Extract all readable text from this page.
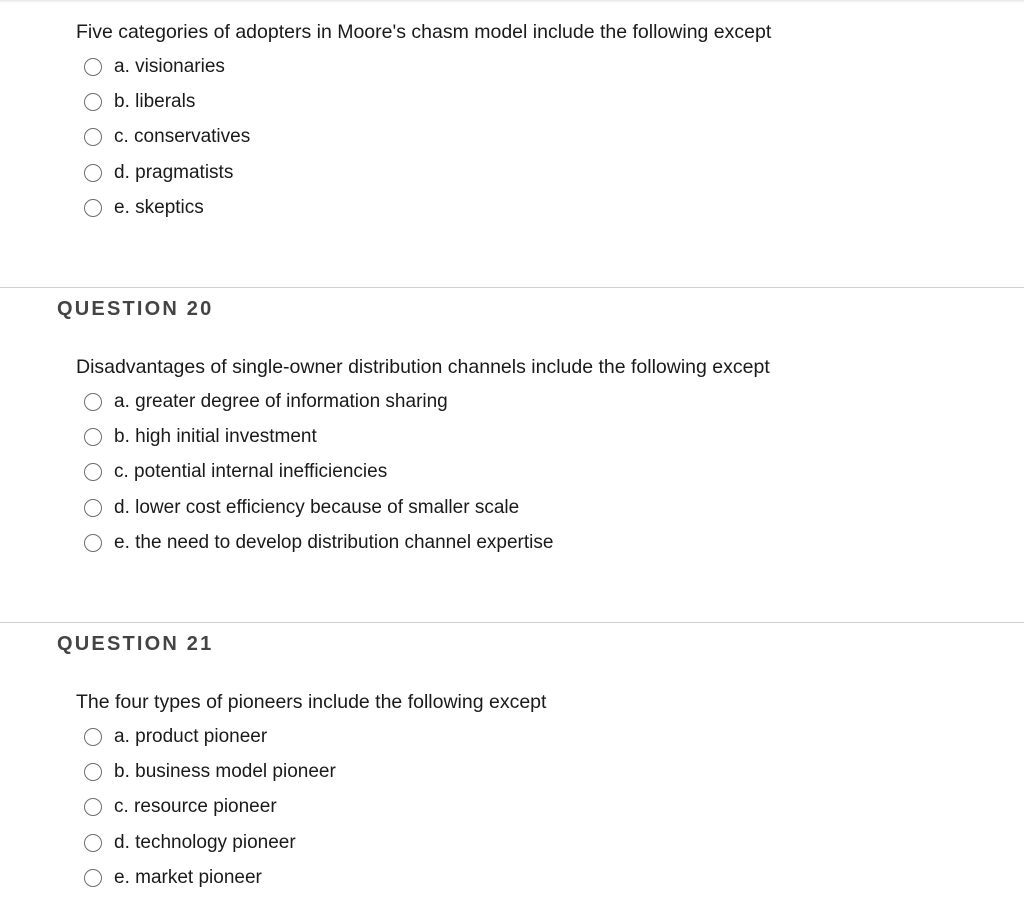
Five categories of adopters in Moore's chasm model include the following except
a. visionaries
b. liberals
c. conservatives
d. pragmatists
e. skeptics
QUESTION 20
Disadvantages of single-owner distribution channels include the following except
a. greater degree of information sharing
b. high initial investment
c. potential internal inefficiencies
d. lower cost efficiency because of smaller scale
e. the need to develop distribution channel expertise
QUESTION 21
The four types of pioneers include the following except
a. product pioneer
b. business model pioneer
c. resource pioneer
d. technology pioneer
e. market pioneer
